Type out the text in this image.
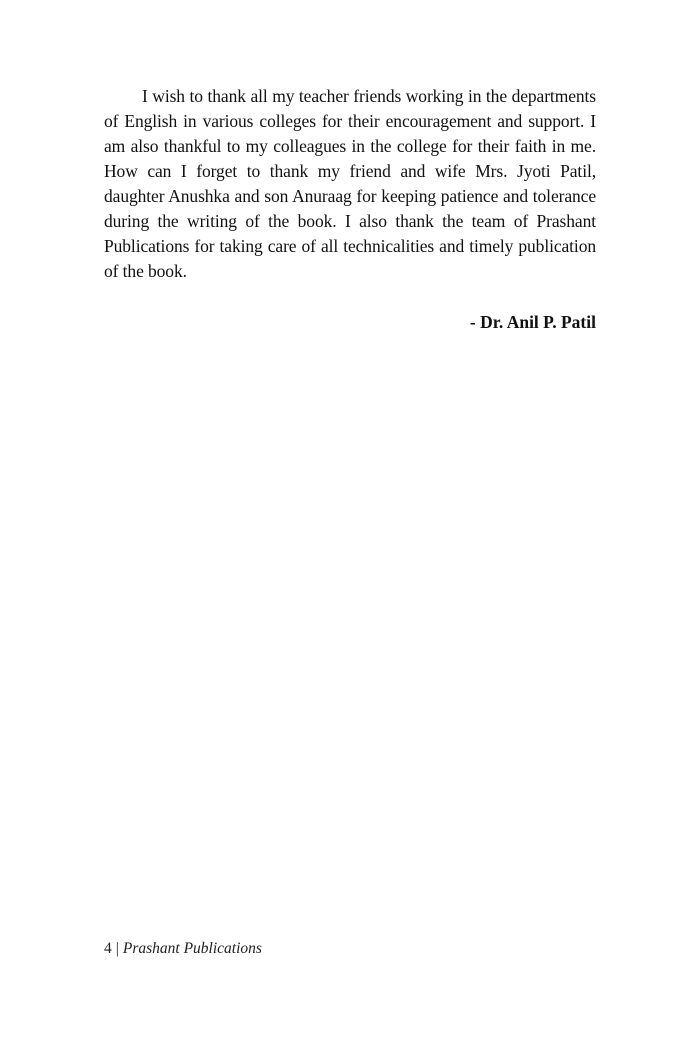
I wish to thank all my teacher friends working in the departments of English in various colleges for their encouragement and support. I am also thankful to my colleagues in the college for their faith in me. How can I forget to thank my friend and wife Mrs. Jyoti Patil, daughter Anushka and son Anuraag for keeping patience and tolerance during the writing of the book. I also thank the team of Prashant Publications for taking care of all technicalities and timely publication of the book.

- Dr. Anil P. Patil

4 | Prashant Publications
